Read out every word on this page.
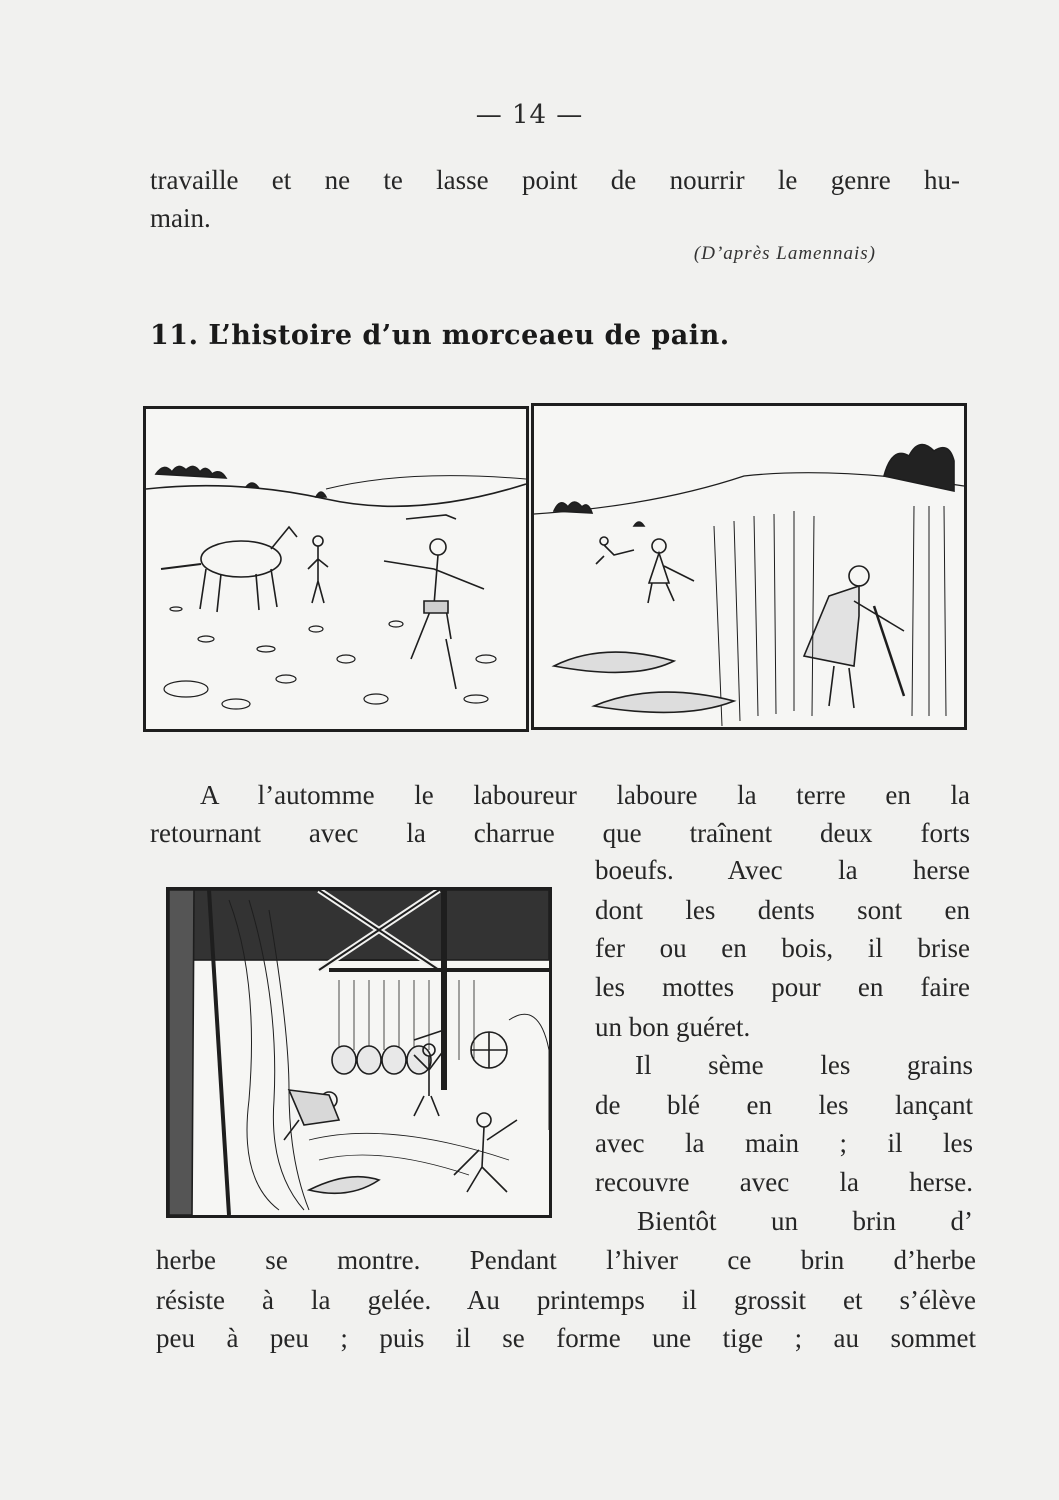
— 14 —
travaille et ne te lasse point de nourrir le genre hu-
main.
(D’après Lamennais)
11. L’histoire d’un morceaeu de pain.
A l’automme le laboureur laboure la terre en la
retournant avec la charrue que traînent deux forts
boeufs. Avec la herse
dont les dents sont en
fer ou en bois, il brise
les mottes pour en faire
un bon guéret.
Il sème les grains
de blé en les lançant
avec la main ; il les
recouvre avec la herse.
Bientôt un brin d’
herbe se montre. Pendant l’hiver ce brin d’herbe
résiste à la gelée. Au printemps il grossit et s’élève
peu à peu ; puis il se forme une tige ; au sommet
